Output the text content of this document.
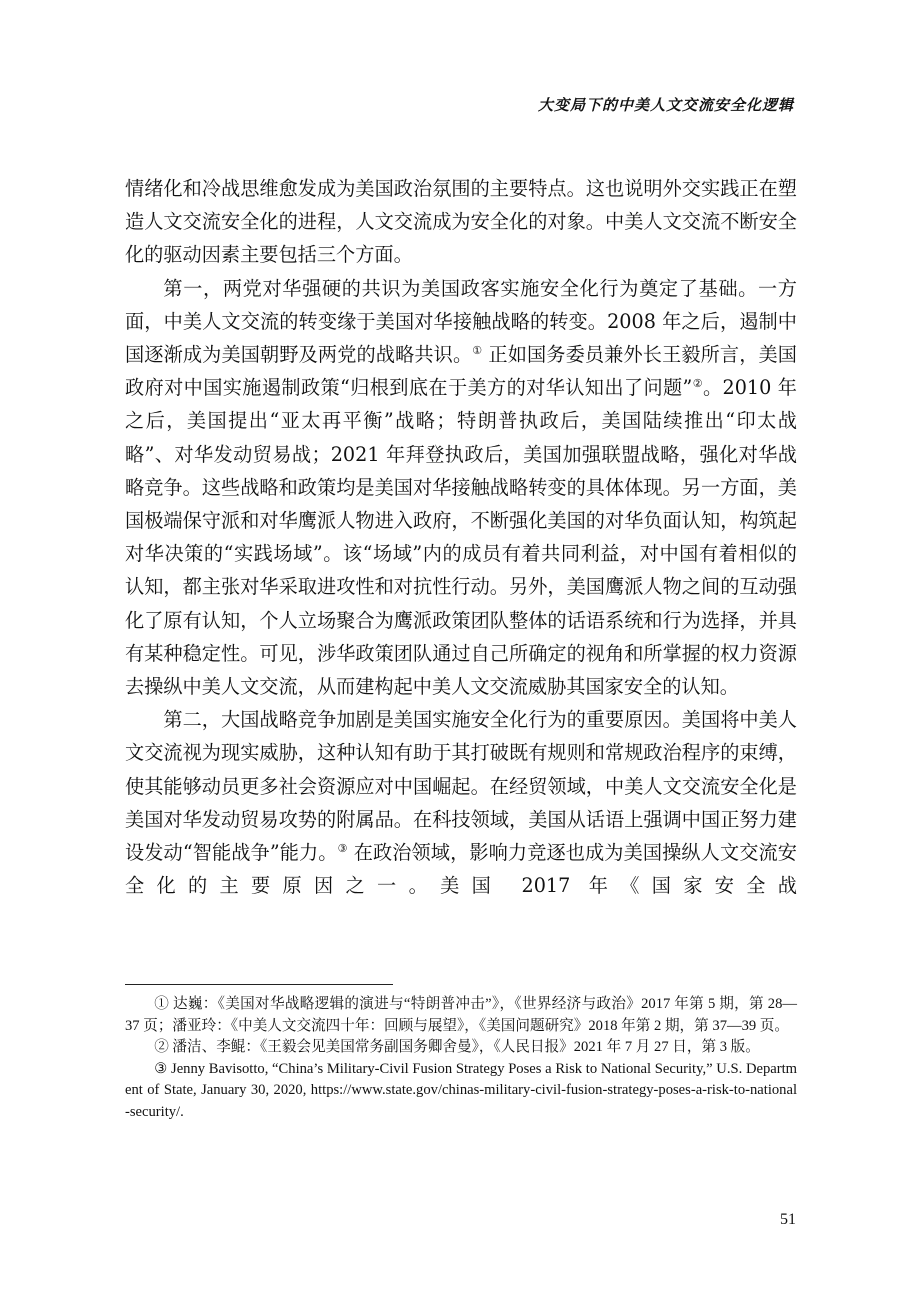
大变局下的中美人文交流安全化逻辑

情绪化和冷战思维愈发成为美国政治氛围的主要特点。这也说明外交实践正在塑造人文交流安全化的进程，人文交流成为安全化的对象。中美人文交流不断安全化的驱动因素主要包括三个方面。

第一，两党对华强硬的共识为美国政客实施安全化行为奠定了基础。一方面，中美人文交流的转变缘于美国对华接触战略的转变。2008 年之后，遏制中国逐渐成为美国朝野及两党的战略共识。① 正如国务委员兼外长王毅所言，美国政府对中国实施遏制政策“归根到底在于美方的对华认知出了问题”②。2010 年之后，美国提出“亚太再平衡”战略；特朗普执政后，美国陆续推出“印太战略”、对华发动贸易战；2021 年拜登执政后，美国加强联盟战略，强化对华战略竞争。这些战略和政策均是美国对华接触战略转变的具体体现。另一方面，美国极端保守派和对华鹰派人物进入政府，不断强化美国的对华负面认知，构筑起对华决策的“实践场域”。该“场域”内的成员有着共同利益，对中国有着相似的认知，都主张对华采取进攻性和对抗性行动。另外，美国鹰派人物之间的互动强化了原有认知，个人立场聚合为鹰派政策团队整体的话语系统和行为选择，并具有某种稳定性。可见，涉华政策团队通过自己所确定的视角和所掌握的权力资源去操纵中美人文交流，从而建构起中美人文交流威胁其国家安全的认知。

第二，大国战略竞争加剧是美国实施安全化行为的重要原因。美国将中美人文交流视为现实威胁，这种认知有助于其打破既有规则和常规政治程序的束缚，使其能够动员更多社会资源应对中国崛起。在经贸领域，中美人文交流安全化是美国对华发动贸易攻势的附属品。在科技领域，美国从话语上强调中国正努力建设发动“智能战争”能力。③ 在政治领域，影响力竞逐也成为美国操纵人文交流安全化的主要原因之一。美国 2017 年《国家安全战

① 达巍：《美国对华战略逻辑的演进与“特朗普冲击”》，《世界经济与政治》2017 年第 5 期，第 28—37 页；潘亚玲：《中美人文交流四十年：回顾与展望》，《美国问题研究》2018 年第 2 期，第 37—39 页。

② 潘洁、李鲲：《王毅会见美国常务副国务卿舍曼》，《人民日报》2021 年 7 月 27 日，第 3 版。

③ Jenny Bavisotto, “China’s Military-Civil Fusion Strategy Poses a Risk to National Security,” U.S. Department of State, January 30, 2020, https://www.state.gov/chinas-military-civil-fusion-strategy-poses-a-risk-to-national-security/.

51
